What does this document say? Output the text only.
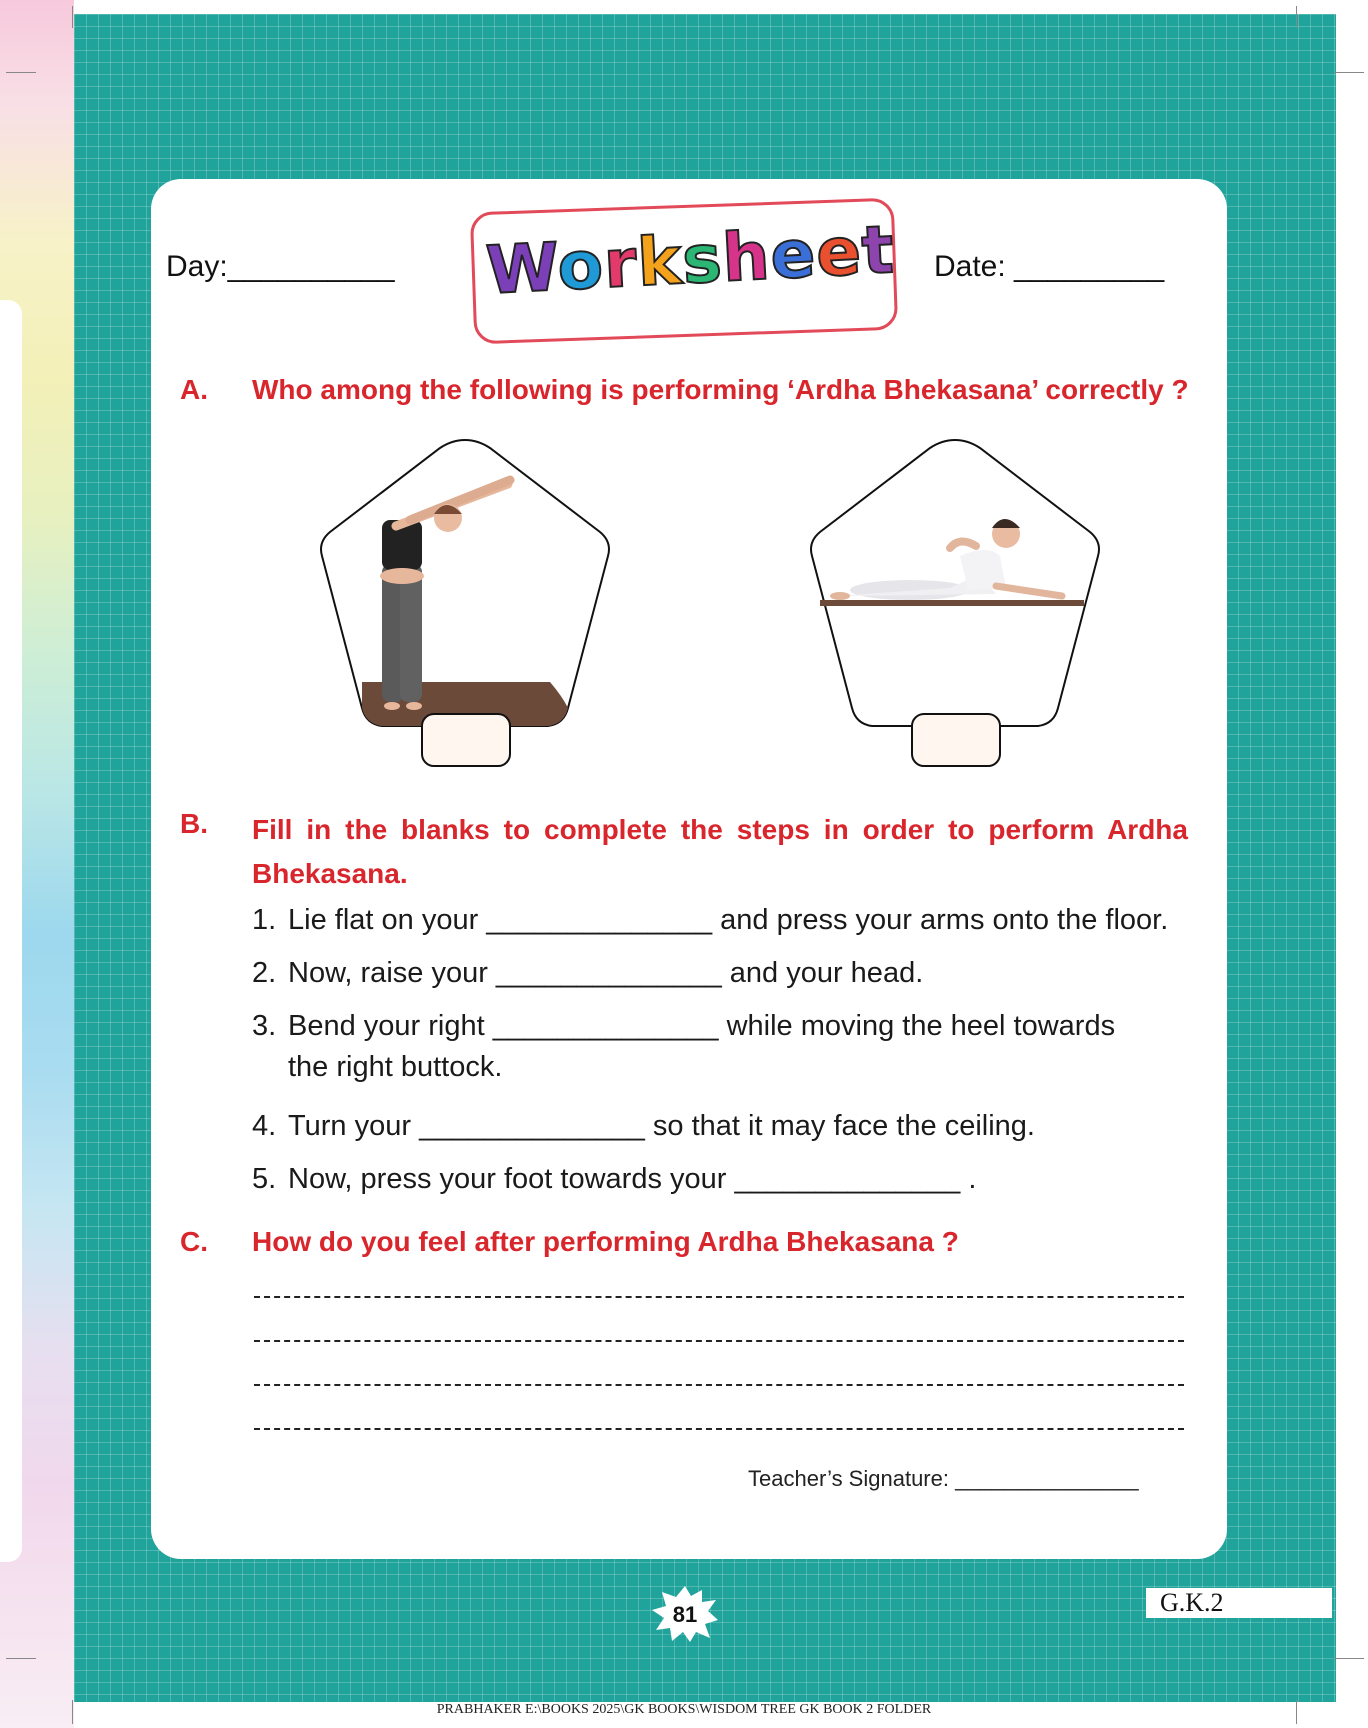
Day:__________ Worksheet Date: _________
A. Who among the following is performing ‘Ardha Bhekasana’ correctly ?
B. Fill in the blanks to complete the steps in order to perform Ardha
Bhekasana.
1. Lie flat on your ______________ and press your arms onto the floor.
2. Now, raise your ______________ and your head.
3. Bend your right ______________ while moving the heel towards
the right buttock.
4. Turn your ______________ so that it may face the ceiling.
5. Now, press your foot towards your ______________ .
C. How do you feel after performing Ardha Bhekasana ?
Teacher’s Signature: _______________
81	G.K.2
PRABHAKER E:\BOOKS 2025\GK BOOKS\WISDOM TREE GK BOOK 2 FOLDER
